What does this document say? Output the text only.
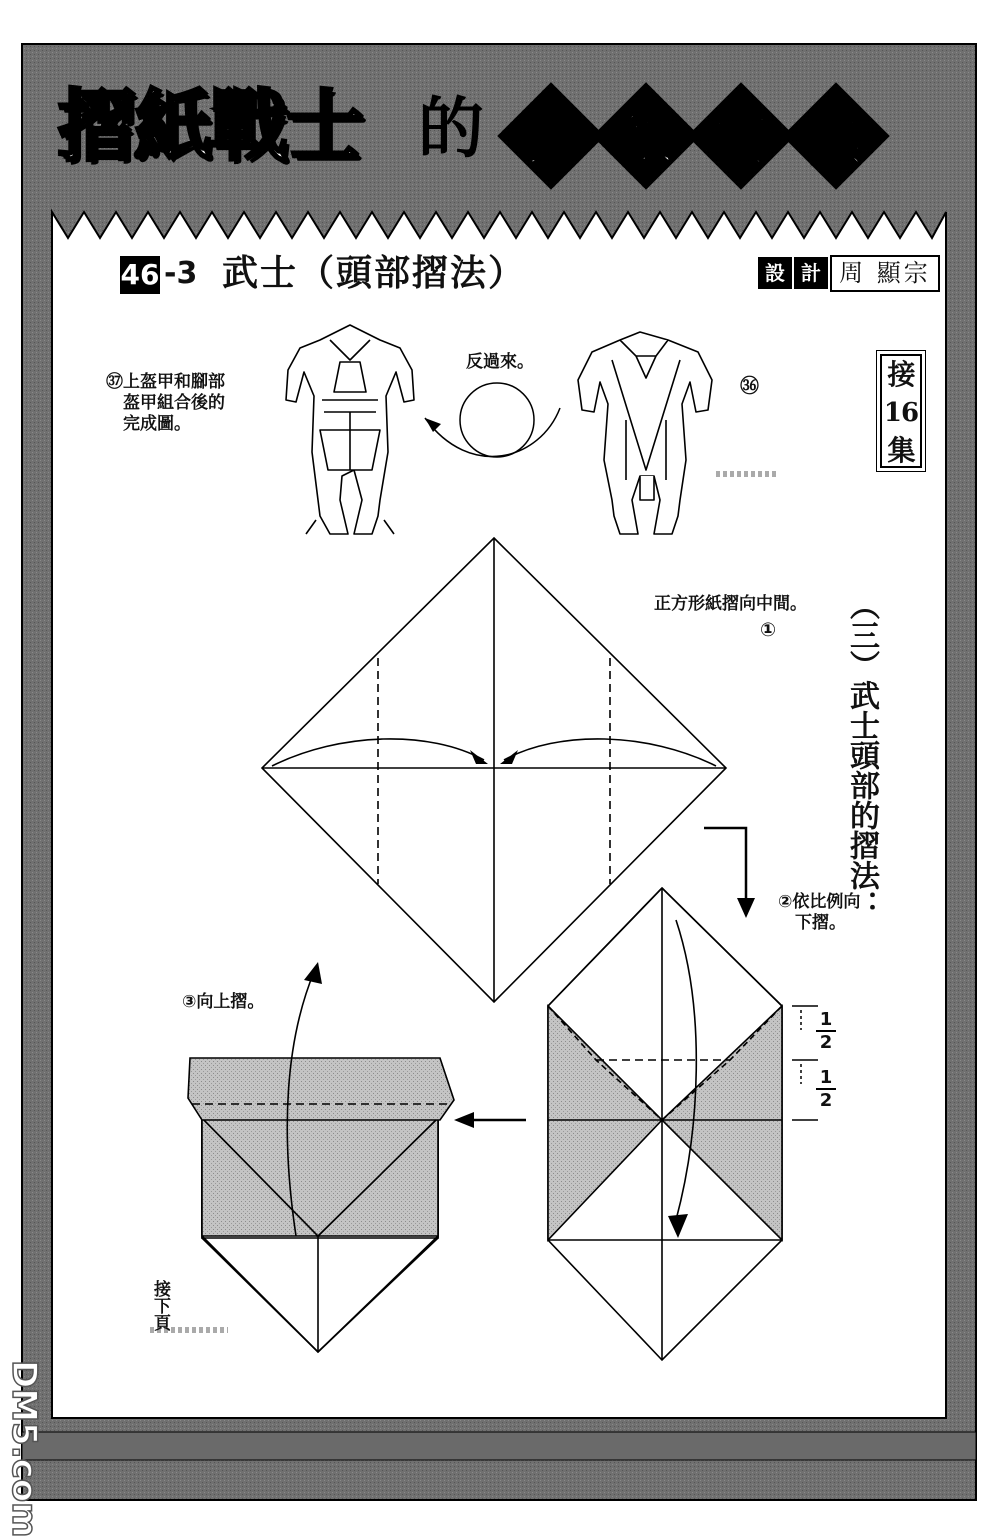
摺紙戰士 的 摺 紙 寶 典
46 -3 武士（頭部摺法）	設 計 周 顯宗
接
16
集
（三）武士頭部的摺法：
㊲上盔甲和腳部
　盔甲組合後的
　完成圖。
反過來。
㊱
正方形紙摺向中間。
①
②依比例向
　下摺。
③向上摺。
1
2
1
2
接下頁
DM5.com
